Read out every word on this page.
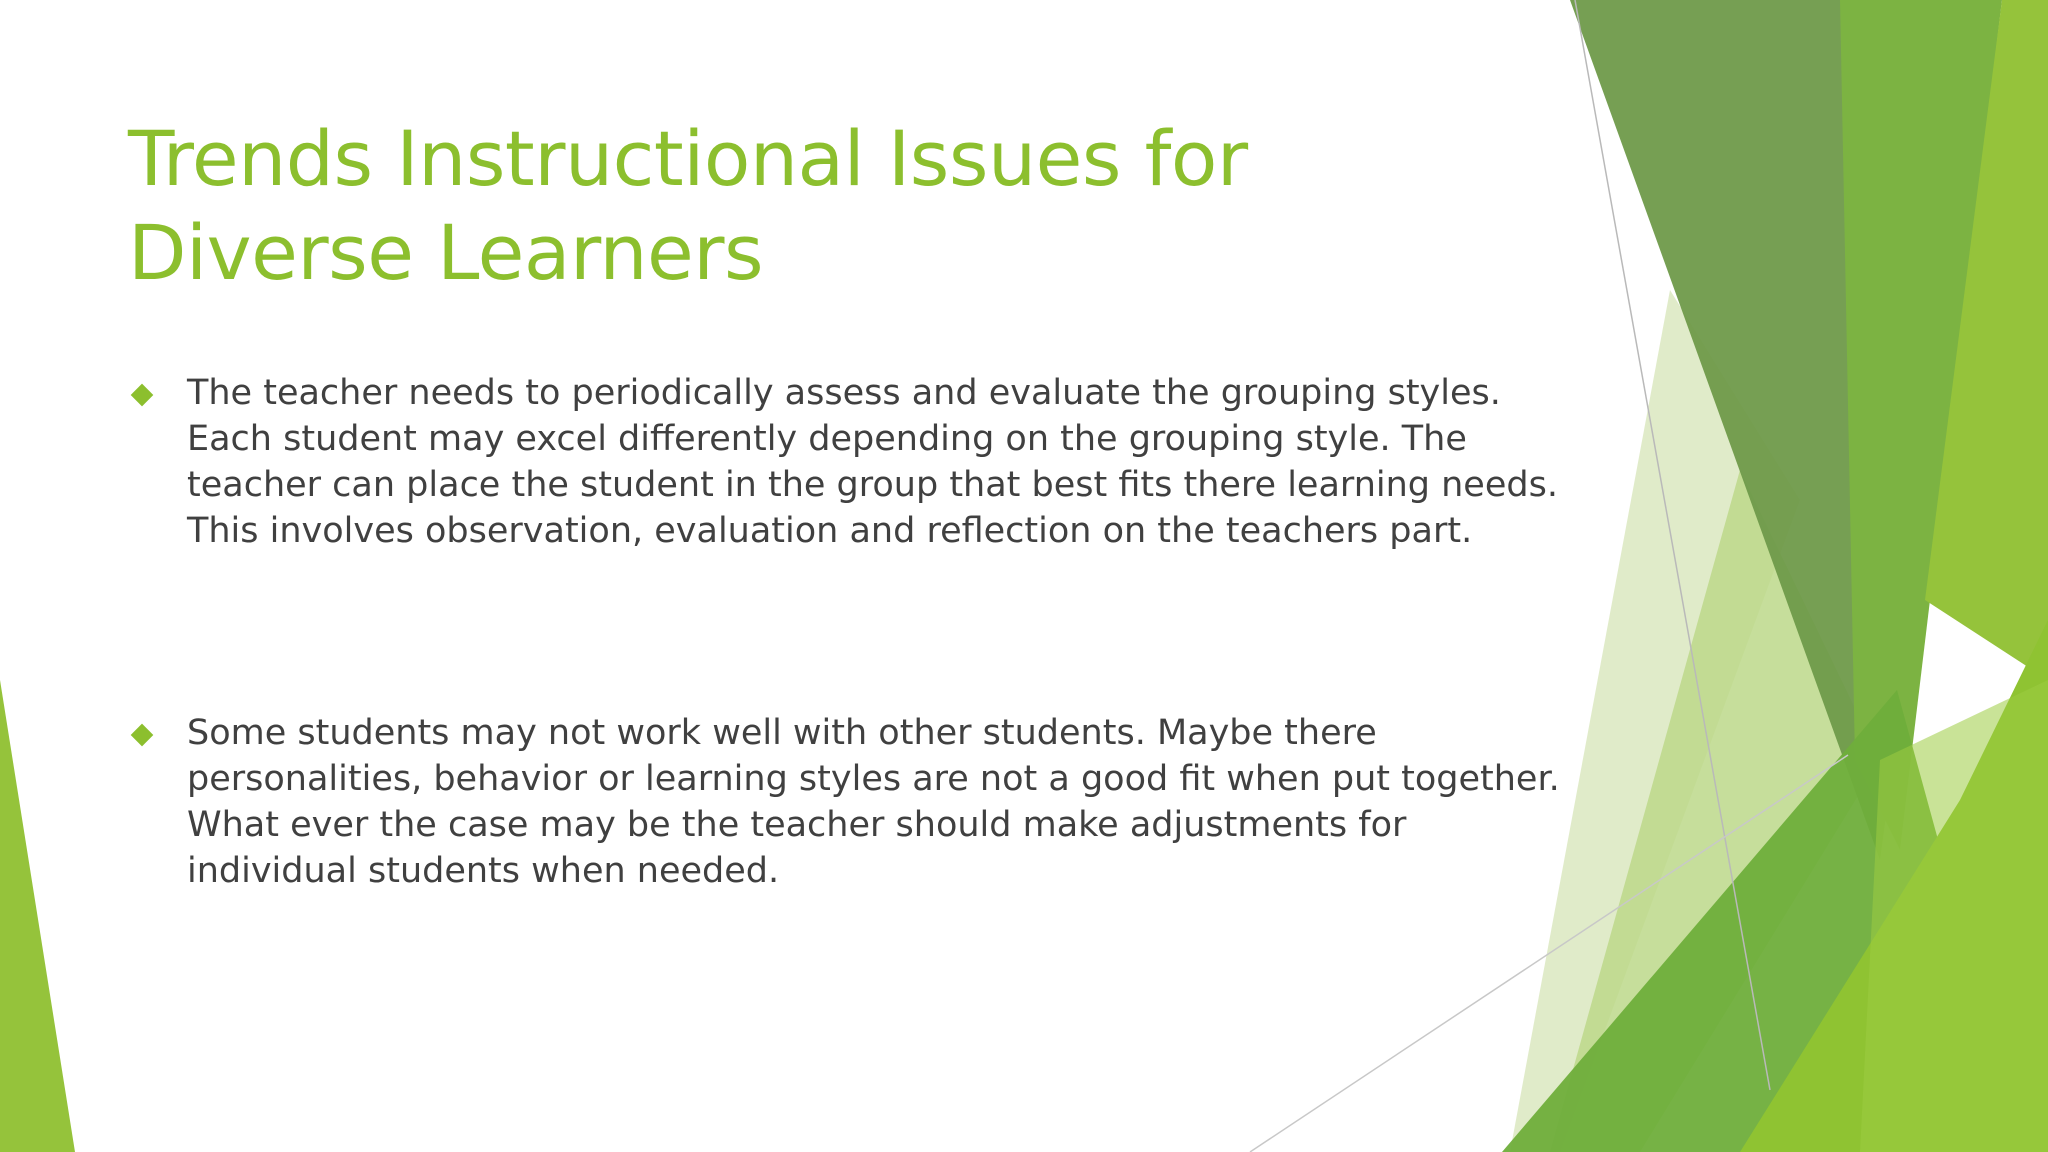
Trends Instructional Issues for Diverse Learners
The teacher needs to periodically assess and evaluate the grouping styles. Each student may excel differently depending on the grouping style. The teacher can place the student in the group that best fits there learning needs. This involves observation, evaluation and reflection on the teachers part.
Some students may not work well with other students. Maybe there personalities, behavior or learning styles are not a good fit when put together. What ever the case may be the teacher should make adjustments for individual students when needed.
